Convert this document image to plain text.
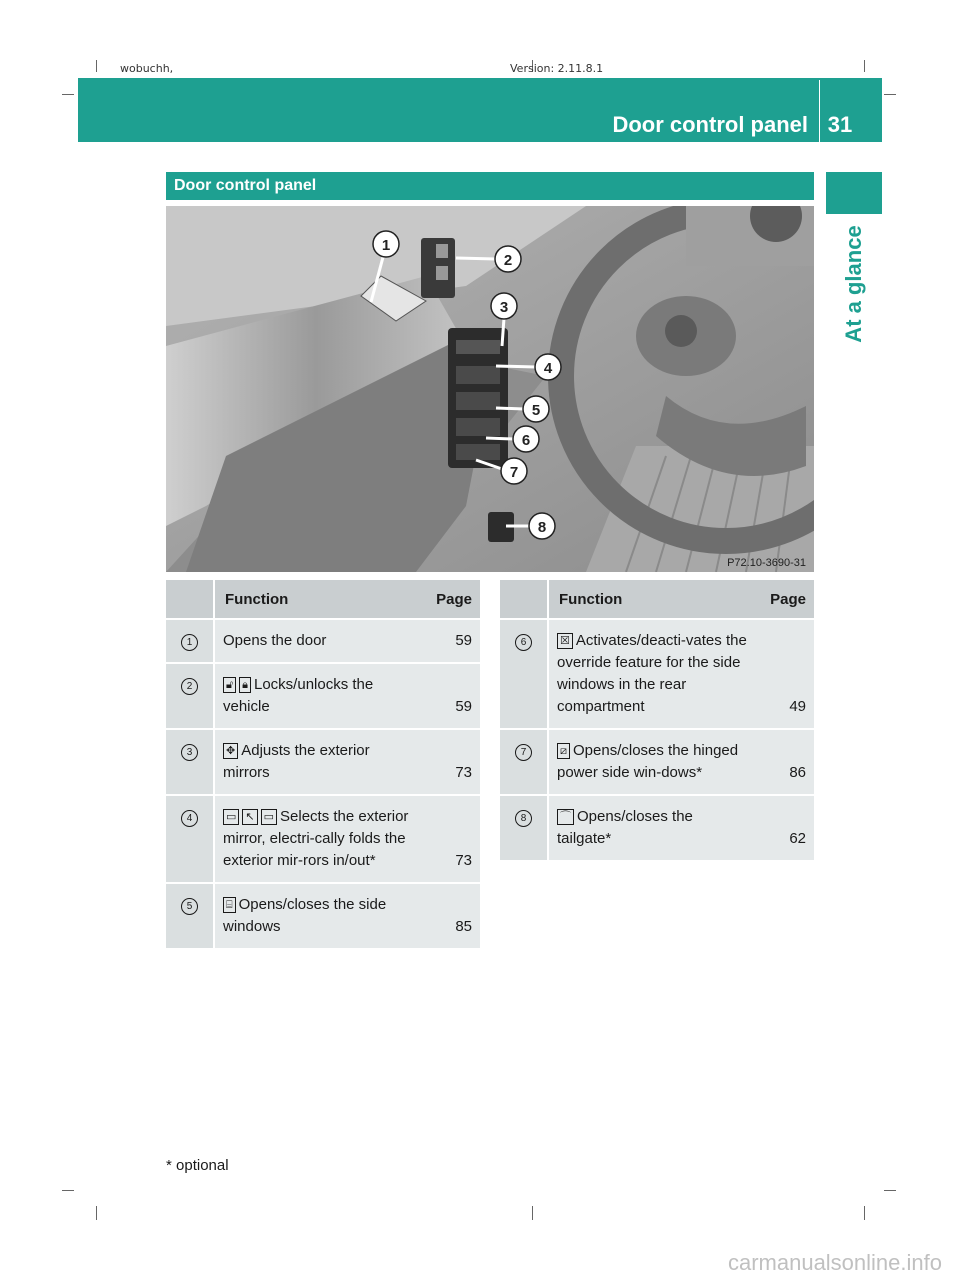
wobuchh,	Version: 2.11.8.1
Door control panel 31
At a glance
Door control panel
1
2
3
4
5
6
7
8
P72.10-3690-31
	Function	Page
1	Opens the door	59
2	🔓︎ 🔒︎ Locks/unlocks the vehicle	59
3	✥ Adjusts the exterior mirrors	73
4	▭ ↖ ▭ Selects the exterior mirror, electri-cally folds the exterior mir-rors in/out*	73
5	⌸ Opens/closes the side windows	85
	Function	Page
6	☒ Activates/deacti-vates the override feature for the side windows in the rear compartment	49
7	⧄ Opens/closes the hinged power side win-dows*	86
8	⌒ Opens/closes the tailgate*	62
* optional
carmanualsonline.info
